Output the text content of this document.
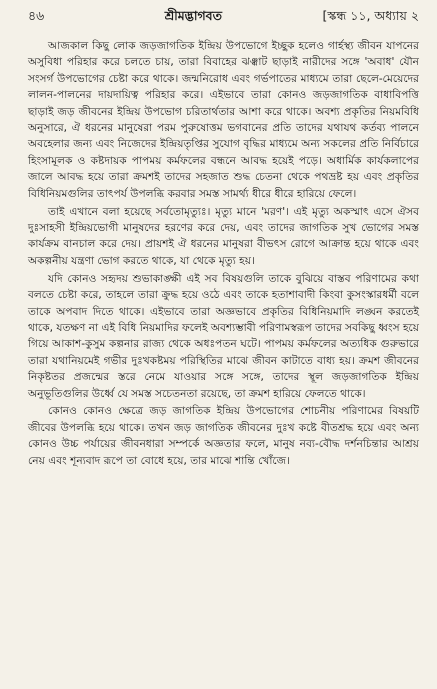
৪৬	শ্রীমদ্ভাগবত	[স্কন্ধ ১১, অধ্যায় ২

আজকাল কিছু লোক জড়জাগতিক ইন্দ্রিয় উপভোগে ইচ্ছুক হলেও গার্হস্থ্য জীবন যাপনের অসুবিধা পরিহার করে চলতে চায়, তারা বিবাহের ঝঞ্ঝাট ছাড়াই নারীদের সঙ্গে 'অবাধ' যৌন সংসর্গ উপভোগের চেষ্টা করে থাকে। জন্মনিরোধ এবং গর্ভপাতের মাধ্যমে তারা ছেলে-মেয়েদের লালন-পালনের দায়দায়িত্ব পরিহার করে। এইভাবে তারা কোনও জড়জাগতিক বাধাবিপত্তি ছাড়াই জড় জীবনের ইন্দ্রিয় উপভোগ চরিতার্থতার আশা করে থাকে। অবশ্য প্রকৃতির নিয়মবিধি অনুসারে, ঐ ধরনের মানুষেরা পরম পুরুষোত্তম ভগবানের প্রতি তাদের যথাযথ কর্তব্য পালনে অবহেলার জন্য এবং নিজেদের ইন্দ্রিয়তৃপ্তির সুযোগ বৃদ্ধির মাধ্যমে অন্য সকলের প্রতি নির্বিচারে হিংসামূলক ও কষ্টদায়ক পাপময় কর্মফলের বন্ধনে আবদ্ধ হয়েই পড়ে। অধার্মিক কার্যকলাপের জালে আবদ্ধ হয়ে তারা ক্রমশই তাদের সহজাত শুদ্ধ চেতনা থেকে পথভ্রষ্ট হয় এবং প্রকৃতির বিধিনিয়মগুলির তাৎপর্য উপলব্ধি করবার সমস্ত সামর্থ্য ধীরে ধীরে হারিয়ে ফেলে।

তাই এখানে বলা হয়েছে সর্বতোমৃত্যুঃ। মৃত্যু মানে 'মরণ'। এই মৃত্যু অকস্মাৎ এসে ঐসব দুঃসাহসী ইন্দ্রিয়ভোগী মানুষদের হরণের করে দেয়, এবং তাদের জাগতিক সুখ ভোগের সমস্ত কার্যক্রম বানচাল করে দেয়। প্রায়শই ঐ ধরনের মানুষরা বীভৎস রোগে আক্রান্ত হয়ে থাকে এবং অকল্পনীয় যন্ত্রণা ভোগ করতে থাকে, যা থেকে মৃত্যু হয়।

যদি কোনও সহৃদয় শুভাকাঙ্ক্ষী এই সব বিষয়গুলি তাকে বুঝিয়ে বাস্তব পরিণামের কথা বলতে চেষ্টা করে, তাহলে তারা ক্রুদ্ধ হয়ে ওঠে এবং তাকে হতাশাবাদী কিংবা কুসংস্কারধর্মী বলে তাকে অপবাদ দিতে থাকে। এইভাবে তারা অজ্ঞভাবে প্রকৃতির বিধিনিয়মাদি লঙ্ঘন করতেই থাকে, যতক্ষণ না এই বিধি নিয়মাদির ফলেই অবশ্যম্ভাবী পরিণামস্বরূপ তাদের সবকিছু ধ্বংস হয়ে গিয়ে আকাশ-কুসুম কল্পনার রাজ্য থেকে অধঃপতন ঘটে। পাপময় কর্মফলের অত্যধিক গুরুভারে তারা যথানিয়মেই গভীর দুঃখকষ্টময় পরিস্থিতির মাঝে জীবন কাটাতে বাধ্য হয়। ক্রমশ জীবনের নিকৃষ্টতর প্রজন্মের স্তরে নেমে যাওয়ার সঙ্গে সঙ্গে, তাদের স্থূল জড়জাগতিক ইন্দ্রিয় অনুভূতিগুলির উর্ধ্বে যে সমস্ত সচেতনতা রয়েছে, তা ক্রমশ হারিয়ে ফেলতে থাকে।

কোনও কোনও ক্ষেত্রে জড় জাগতিক ইন্দ্রিয় উপভোগের শোচনীয় পরিণামের বিষয়টি জীবের উপলব্ধি হয়ে থাকে। তখন জড় জাগতিক জীবনের দুঃখ কষ্টে বীতশ্রদ্ধ হয়ে এবং অন্য কোনও উচ্চ পর্যায়ের জীবনধারা সম্পর্কে অজ্ঞতার ফলে, মানুষ নব্য-বৌদ্ধ দর্শনচিন্তার আশ্রয় নেয় এবং শূন্যবাদ রূপে তা বোধে হয়ে, তার মাঝে শান্তি খোঁজে।
